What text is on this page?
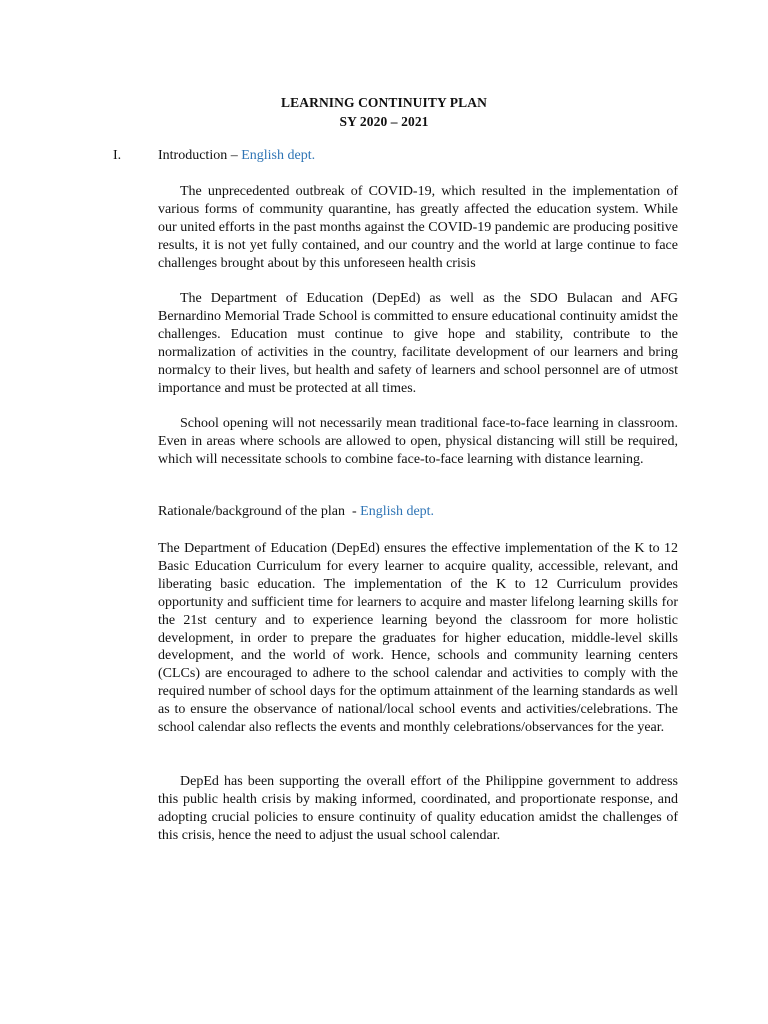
LEARNING CONTINUITY PLAN
SY 2020 – 2021
I.	Introduction – English dept.

The unprecedented outbreak of COVID-19, which resulted in the implementation of various forms of community quarantine, has greatly affected the education system. While our united efforts in the past months against the COVID-19 pandemic are producing positive results, it is not yet fully contained, and our country and the world at large continue to face challenges brought about by this unforeseen health crisis

The Department of Education (DepEd) as well as the SDO Bulacan and AFG Bernardino Memorial Trade School is committed to ensure educational continuity amidst the challenges. Education must continue to give hope and stability, contribute to the normalization of activities in the country, facilitate development of our learners and bring normalcy to their lives, but health and safety of learners and school personnel are of utmost importance and must be protected at all times.

School opening will not necessarily mean traditional face-to-face learning in classroom. Even in areas where schools are allowed to open, physical distancing will still be required, which will necessitate schools to combine face-to-face learning with distance learning.

Rationale/background of the plan  - English dept.

The Department of Education (DepEd) ensures the effective implementation of the K to 12 Basic Education Curriculum for every learner to acquire quality, accessible, relevant, and liberating basic education. The implementation of the K to 12 Curriculum provides opportunity and sufficient time for learners to acquire and master lifelong learning skills for the 21st century and to experience learning beyond the classroom for more holistic development, in order to prepare the graduates for higher education, middle-level skills development, and the world of work. Hence, schools and community learning centers (CLCs) are encouraged to adhere to the school calendar and activities to comply with the required number of school days for the optimum attainment of the learning standards as well as to ensure the observance of national/local school events and activities/celebrations. The school calendar also reflects the events and monthly celebrations/observances for the year.

DepEd has been supporting the overall effort of the Philippine government to address this public health crisis by making informed, coordinated, and proportionate response, and adopting crucial policies to ensure continuity of quality education amidst the challenges of this crisis, hence the need to adjust the usual school calendar.
